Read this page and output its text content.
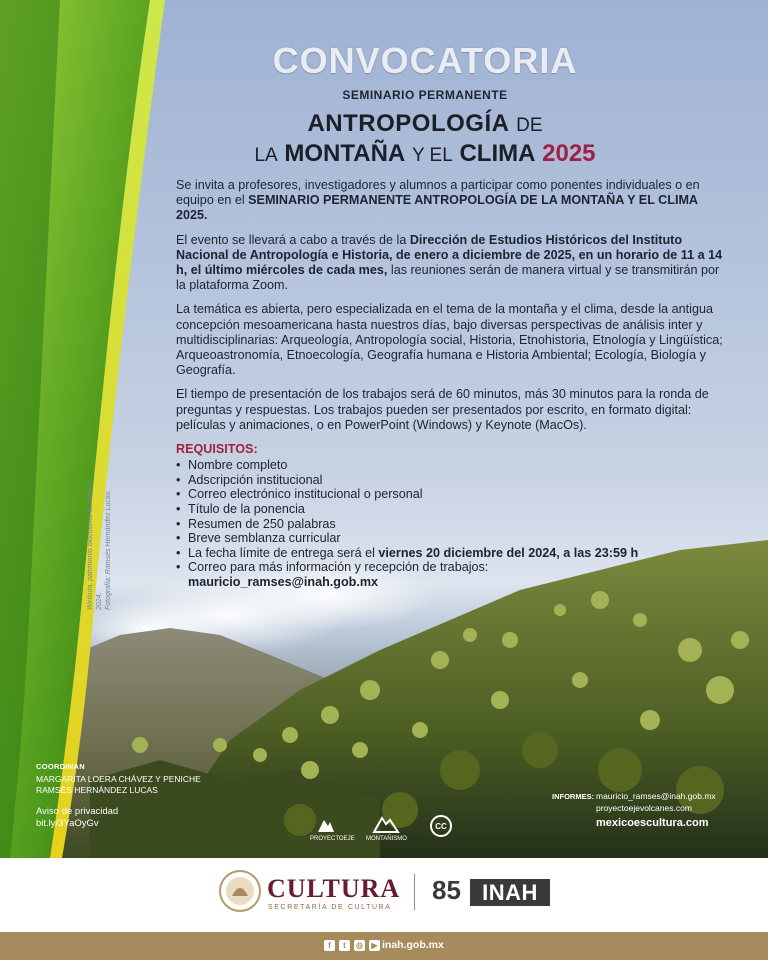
CONVOCATORIA
SEMINARIO PERMANENTE
ANTROPOLOGÍA DE
LA MONTAÑA Y EL CLIMA 2025

Se invita a profesores, investigadores y alumnos a participar como ponentes individuales o en equipo en el SEMINARIO PERMANENTE ANTROPOLOGÍA DE LA MONTAÑA Y EL CLIMA 2025.

El evento se llevará a cabo a través de la Dirección de Estudios Históricos del Instituto Nacional de Antropología e Historia, de enero a diciembre de 2025, en un horario de 11 a 14 h, el último miércoles de cada mes, las reuniones serán de manera virtual y se transmitirán por la plataforma Zoom.

La temática es abierta, pero especializada en el tema de la montaña y el clima, desde la antigua concepción mesoamericana hasta nuestros días, bajo diversas perspectivas de análisis inter y multidisciplinarias: Arqueología, Antropología social, Historia, Etnohistoria, Etnología y Lingüística; Arqueoastronomía, Etnoecología, Geografía humana e Historia Ambiental; Ecología, Biología y Geografía.

El tiempo de presentación de los trabajos será de 60 minutos, más 30 minutos para la ronda de preguntas y respuestas. Los trabajos pueden ser presentados por escrito, en formato digital: películas y animaciones, o en PowerPoint (Windows) y Keynote (MacOs).

REQUISITOS:
• Nombre completo
• Adscripción institucional
• Correo electrónico institucional o personal
• Título de la ponencia
• Resumen de 250 palabras
• Breve semblanza curricular
• La fecha límite de entrega será el viernes 20 diciembre del 2024, a las 23:59 h
• Correo para más información y recepción de trabajos:
mauricio_ramses@inah.gob.mx
Wirikuta, patrimonio biocultural de México, 2024. Fotografía: Ramsés Hernández Lucas.
COORDINAN
MARGARITA LOERA CHÁVEZ Y PENICHE
RAMSÉS HERNÁNDEZ LUCAS
Aviso de privacidad
bit.ly/3YaOyGv
PROYECTOEJE MONTAÑISMO
CC
INFORMES: mauricio_ramses@inah.gob.mx
proyectoejevolcanes.com
mexicoescultura.com
CULTURA
SECRETARÍA DE CULTURA
85 INAH
f	t	◎	▶ inah.gob.mx
